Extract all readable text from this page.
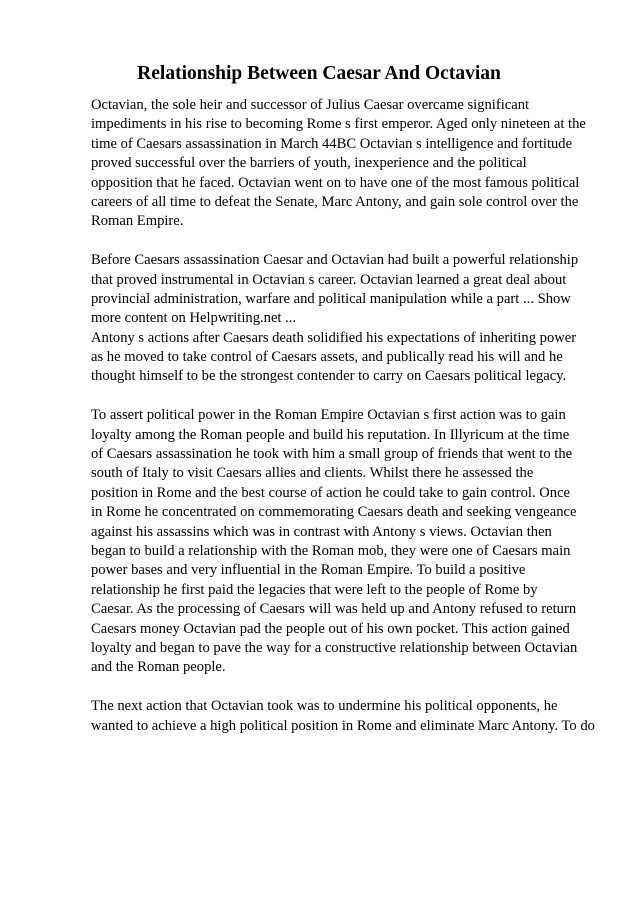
Relationship Between Caesar And Octavian
Octavian, the sole heir and successor of Julius Caesar overcame significant
impediments in his rise to becoming Rome s first emperor. Aged only nineteen at the
time of Caesars assassination in March 44BC Octavian s intelligence and fortitude
proved successful over the barriers of youth, inexperience and the political
opposition that he faced. Octavian went on to have one of the most famous political
careers of all time to defeat the Senate, Marc Antony, and gain sole control over the
Roman Empire.
Before Caesars assassination Caesar and Octavian had built a powerful relationship
that proved instrumental in Octavian s career. Octavian learned a great deal about
provincial administration, warfare and political manipulation while a part ... Show
more content on Helpwriting.net ...
Antony s actions after Caesars death solidified his expectations of inheriting power
as he moved to take control of Caesars assets, and publically read his will and he
thought himself to be the strongest contender to carry on Caesars political legacy.
To assert political power in the Roman Empire Octavian s first action was to gain
loyalty among the Roman people and build his reputation. In Illyricum at the time
of Caesars assassination he took with him a small group of friends that went to the
south of Italy to visit Caesars allies and clients. Whilst there he assessed the
position in Rome and the best course of action he could take to gain control. Once
in Rome he concentrated on commemorating Caesars death and seeking vengeance
against his assassins which was in contrast with Antony s views. Octavian then
began to build a relationship with the Roman mob, they were one of Caesars main
power bases and very influential in the Roman Empire. To build a positive
relationship he first paid the legacies that were left to the people of Rome by
Caesar. As the processing of Caesars will was held up and Antony refused to return
Caesars money Octavian pad the people out of his own pocket. This action gained
loyalty and began to pave the way for a constructive relationship between Octavian
and the Roman people.
The next action that Octavian took was to undermine his political opponents, he
wanted to achieve a high political position in Rome and eliminate Marc Antony. To do
